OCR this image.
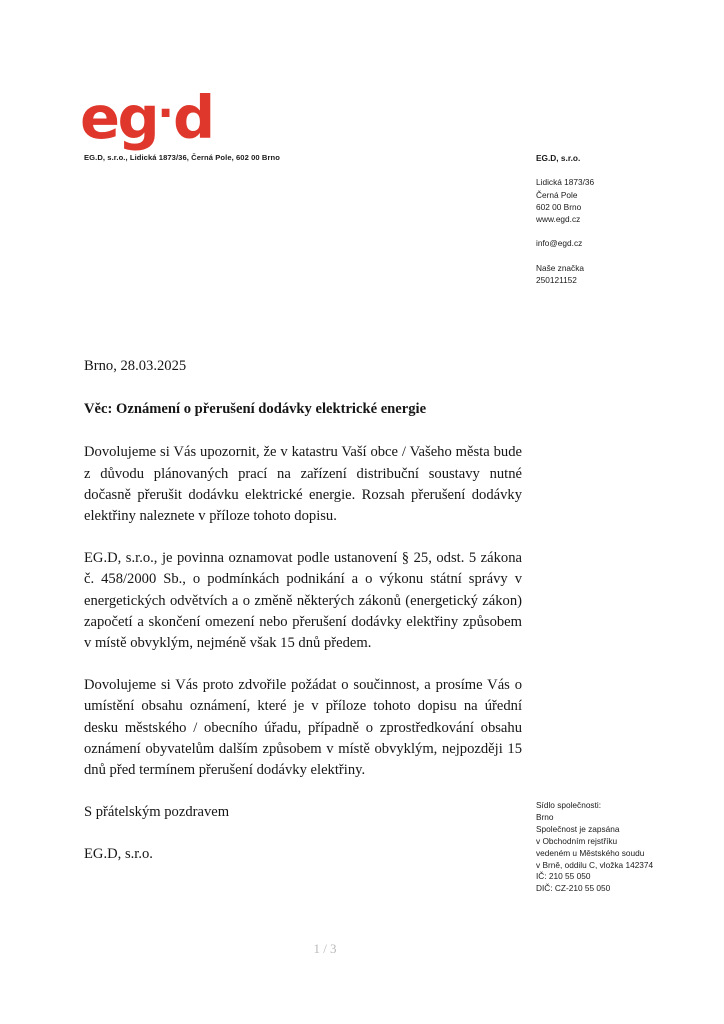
eg·d
EG.D, s.r.o., Lidická 1873/36, Černá Pole, 602 00 Brno	EG.D, s.r.o.
Lidická 1873/36
Černá Pole
602 00 Brno
www.egd.cz
info@egd.cz
Naše značka
250121152

Brno, 28.03.2025

Věc: Oznámení o přerušení dodávky elektrické energie

Dovolujeme si Vás upozornit, že v katastru Vaší obce / Vašeho města bude z důvodu plánovaných prací na zařízení distribuční soustavy nutné dočasně přerušit dodávku elektrické energie. Rozsah přerušení dodávky elektřiny naleznete v příloze tohoto dopisu.

EG.D, s.r.o., je povinna oznamovat podle ustanovení § 25, odst. 5 zákona č. 458/2000 Sb., o podmínkách podnikání a o výkonu státní správy v energetických odvětvích a o změně některých zákonů (energetický zákon) započetí a skončení omezení nebo přerušení dodávky elektřiny způsobem v místě obvyklým, nejméně však 15 dnů předem.

Dovolujeme si Vás proto zdvořile požádat o součinnost, a prosíme Vás o umístění obsahu oznámení, které je v příloze tohoto dopisu na úřední desku městského / obecního úřadu, případně o zprostředkování obsahu oznámení obyvatelům dalším způsobem v místě obvyklým, nejpozději 15 dnů před termínem přerušení dodávky elektřiny.

S přátelským pozdravem

EG.D, s.r.o.

Sídlo společnosti:
Brno
Společnost je zapsána
v Obchodním rejstříku
vedeném u Městského soudu
v Brně, oddilu C, vložka 142374
IČ: 210 55 050
DIČ: CZ-210 55 050
1 / 3
